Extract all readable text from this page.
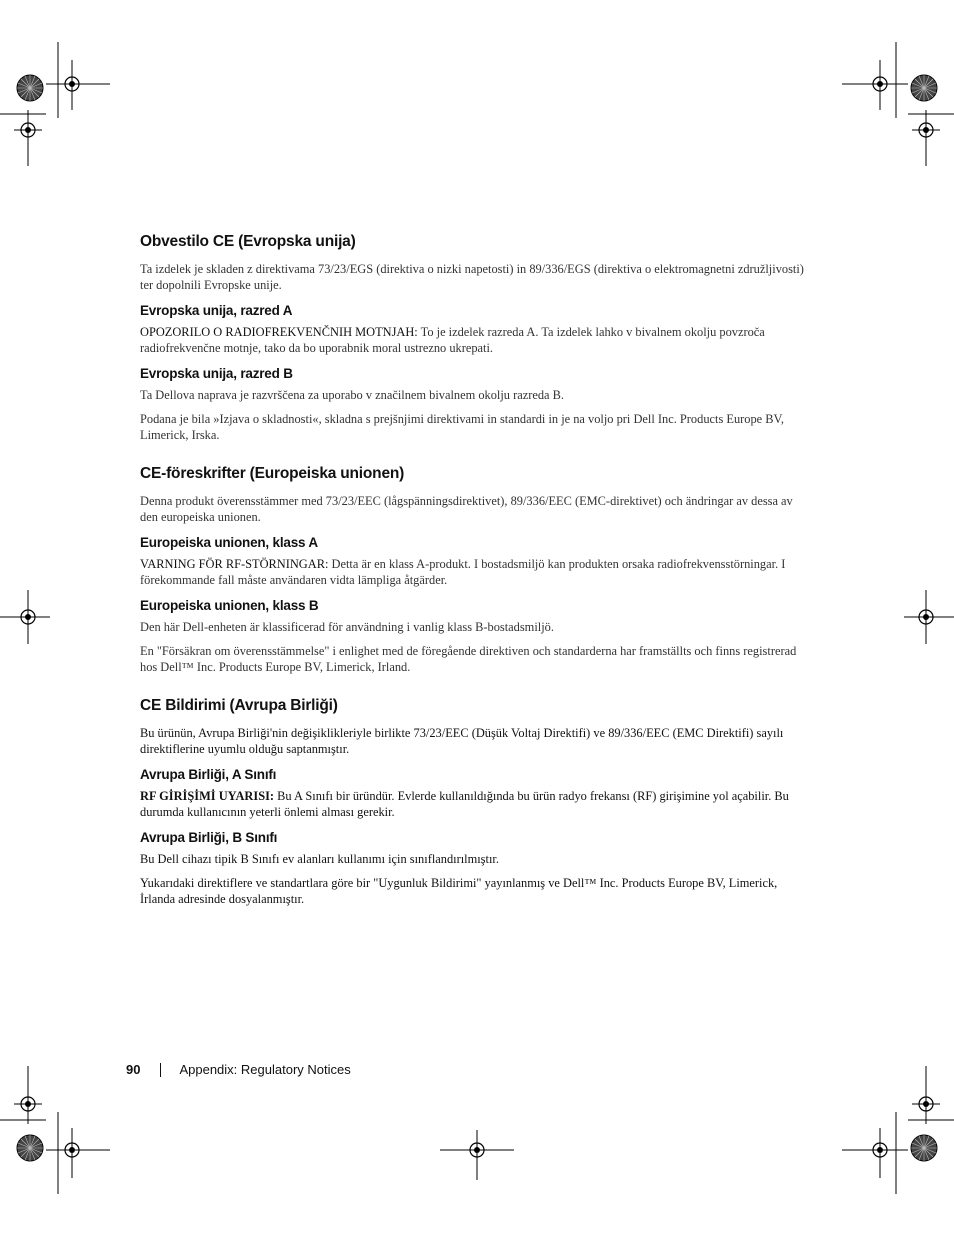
Obvestilo CE (Evropska unija)

Ta izdelek je skladen z direktivama 73/23/EGS (direktiva o nizki napetosti) in 89/336/EGS (direktiva o elektromagnetni združljivosti) ter dopolnili Evropske unije.

Evropska unija, razred A

OPOZORILO O RADIOFREKVENČNIH MOTNJAH: To je izdelek razreda A. Ta izdelek lahko v bivalnem okolju povzroča radiofrekvenčne motnje, tako da bo uporabnik moral ustrezno ukrepati.

Evropska unija, razred B

Ta Dellova naprava je razvrščena za uporabo v značilnem bivalnem okolju razreda B.

Podana je bila »Izjava o skladnosti«, skladna s prejšnjimi direktivami in standardi in je na voljo pri Dell Inc. Products Europe BV, Limerick, Irska.

CE-föreskrifter (Europeiska unionen)

Denna produkt överensstämmer med 73/23/EEC (lågspänningsdirektivet), 89/336/EEC (EMC-direktivet) och ändringar av dessa av den europeiska unionen.

Europeiska unionen, klass A

VARNING FÖR RF-STÖRNINGAR: Detta är en klass A-produkt. I bostadsmiljö kan produkten orsaka radiofrekvensstörningar. I förekommande fall måste användaren vidta lämpliga åtgärder.

Europeiska unionen, klass B

Den här Dell-enheten är klassificerad för användning i vanlig klass B-bostadsmiljö.

En "Försäkran om överensstämmelse" i enlighet med de föregående direktiven och standarderna har framställts och finns registrerad hos Dell™ Inc. Products Europe BV, Limerick, Irland.

CE Bildirimi (Avrupa Birliği)

Bu ürünün, Avrupa Birliği'nin değişiklikleriyle birlikte 73/23/EEC (Düşük Voltaj Direktifi) ve 89/336/EEC (EMC Direktifi) sayılı direktiflerine uyumlu olduğu saptanmıştır.

Avrupa Birliği, A Sınıfı

RF GİRİŞİMİ UYARISI: Bu A Sınıfı bir üründür. Evlerde kullanıldığında bu ürün radyo frekansı (RF) girişimine yol açabilir. Bu durumda kullanıcının yeterli önlemi alması gerekir.

Avrupa Birliği, B Sınıfı

Bu Dell cihazı tipik B Sınıfı ev alanları kullanımı için sınıflandırılmıştır.

Yukarıdaki direktiflere ve standartlara göre bir "Uygunluk Bildirimi" yayınlanmış ve Dell™ Inc. Products Europe BV, Limerick, İrlanda adresinde dosyalanmıştır.

90	Appendix: Regulatory Notices
